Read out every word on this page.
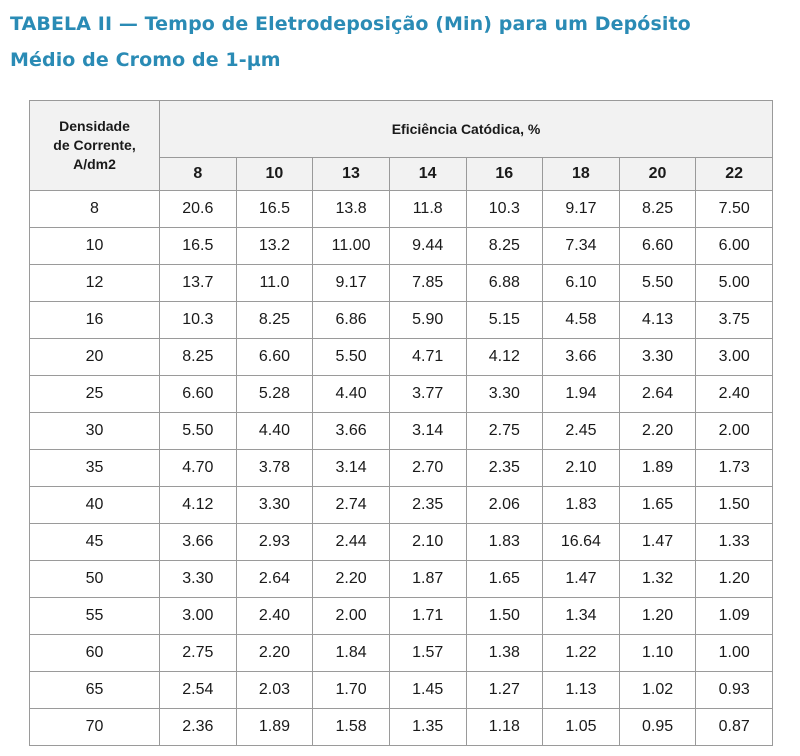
TABELA II — Tempo de Eletrodeposição (Min) para um Depósito
Médio de Cromo de 1-µm
Densidade
de Corrente,
A/dm2	Eficiência Catódica, %							
	8	10	13	14	16	18	20	22
8	20.6	16.5	13.8	11.8	10.3	9.17	8.25	7.50
10	16.5	13.2	11.00	9.44	8.25	7.34	6.60	6.00
12	13.7	11.0	9.17	7.85	6.88	6.10	5.50	5.00
16	10.3	8.25	6.86	5.90	5.15	4.58	4.13	3.75
20	8.25	6.60	5.50	4.71	4.12	3.66	3.30	3.00
25	6.60	5.28	4.40	3.77	3.30	1.94	2.64	2.40
30	5.50	4.40	3.66	3.14	2.75	2.45	2.20	2.00
35	4.70	3.78	3.14	2.70	2.35	2.10	1.89	1.73
40	4.12	3.30	2.74	2.35	2.06	1.83	1.65	1.50
45	3.66	2.93	2.44	2.10	1.83	16.64	1.47	1.33
50	3.30	2.64	2.20	1.87	1.65	1.47	1.32	1.20
55	3.00	2.40	2.00	1.71	1.50	1.34	1.20	1.09
60	2.75	2.20	1.84	1.57	1.38	1.22	1.10	1.00
65	2.54	2.03	1.70	1.45	1.27	1.13	1.02	0.93
70	2.36	1.89	1.58	1.35	1.18	1.05	0.95	0.87
